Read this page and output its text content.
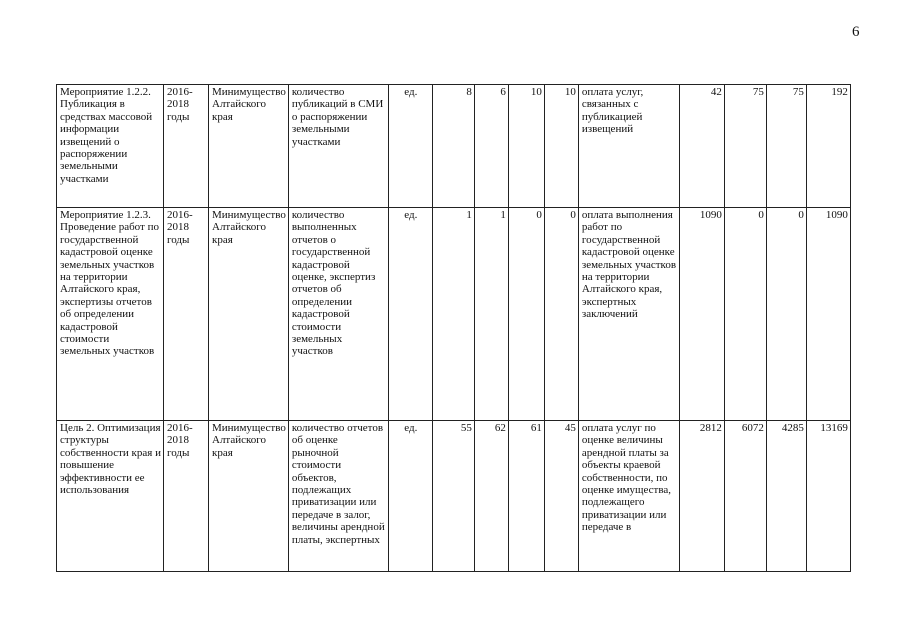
6
Мероприятие 1.2.2. Публикация в средствах массовой информации извещений о распоряжении земельными участками	2016-2018 годы	Минимущество Алтайского края	количество публикаций в СМИ о распоряжении земельными участками	ед.	8	6	10	10	оплата услуг, связанных с публикацией извещений	42	75	75	192

Мероприятие 1.2.3. Проведение работ по государственной кадастровой оценке земельных участков на территории Алтайского края, экспертизы отчетов об определении кадастровой стоимости земельных участков	2016-2018 годы	Минимущество Алтайского края	количество выполненных отчетов о государственной кадастровой оценке, экспертиз отчетов об определении кадастровой стоимости земельных участков	ед.	1	1	0	0	оплата выполнения работ по государственной кадастровой оценке земельных участков на территории Алтайского края, экспертных заключений	1090	0	0	1090

Цель 2. Оптимизация структуры собственности края и повышение эффективности ее использования	2016-2018 годы	Минимущество Алтайского края	количество отчетов об оценке рыночной стоимости объектов, подлежащих приватизации или передаче в залог, величины арендной платы, экспертных	ед.	55	62	61	45	оплата услуг по оценке величины арендной платы за объекты краевой собственности, по оценке имущества, подлежащего приватизации или передаче в	2812	6072	4285	13169
